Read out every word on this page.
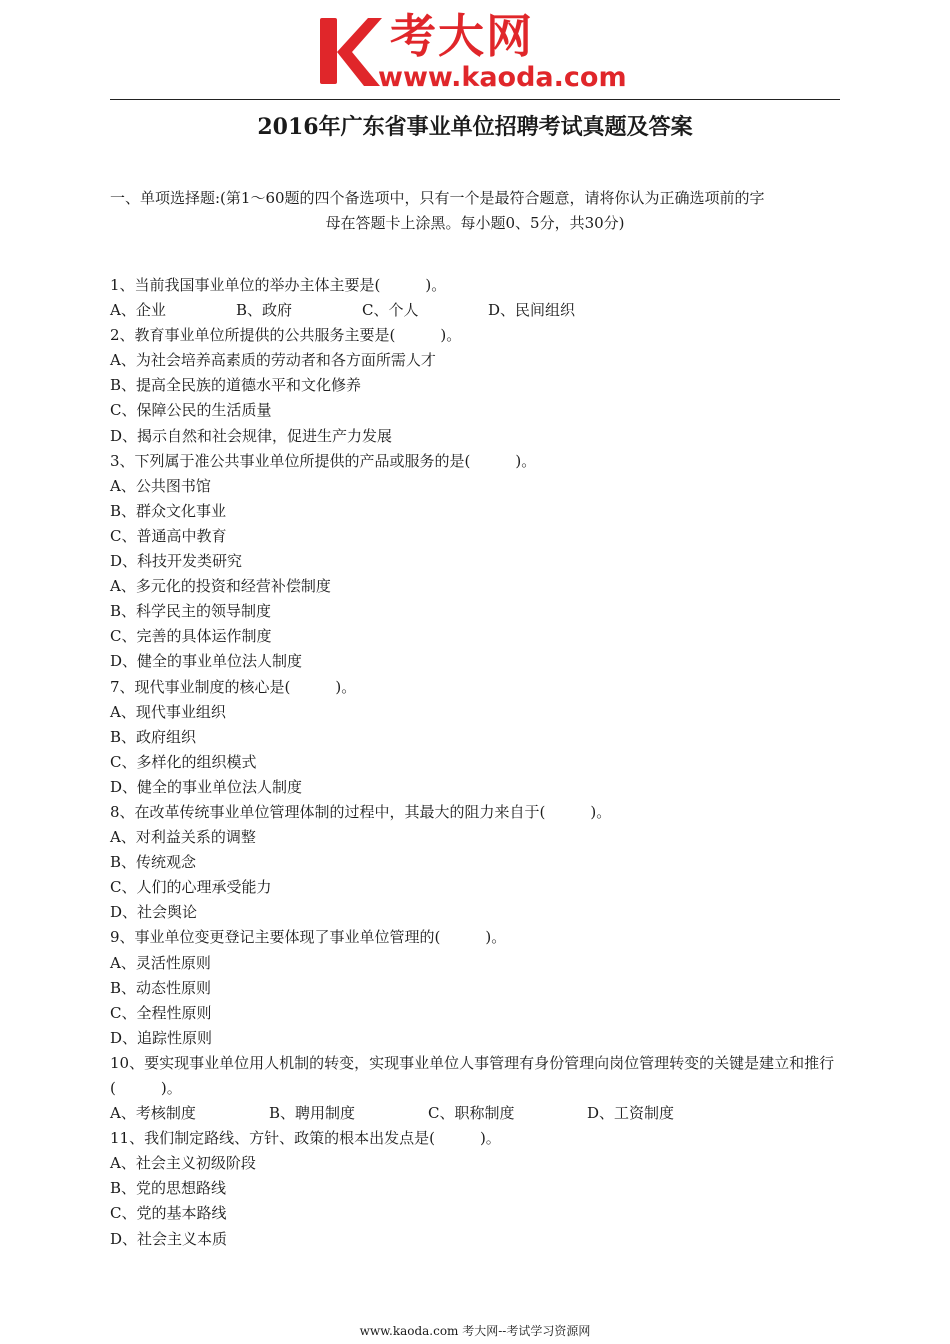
考大网
www.kaoda.com
2016年广东省事业单位招聘考试真题及答案
一、单项选择题:(第1～60题的四个备选项中，只有一个是最符合题意，请将你认为正确选项前的字
母在答题卡上涂黑。每小题0、5分，共30分)
1、当前我国事业单位的举办主体主要是(　　　)。
A、企业	B、政府	C、个人	D、民间组织
2、教育事业单位所提供的公共服务主要是(　　　)。
A、为社会培养高素质的劳动者和各方面所需人才
B、提高全民族的道德水平和文化修养
C、保障公民的生活质量
D、揭示自然和社会规律，促进生产力发展
3、下列属于准公共事业单位所提供的产品或服务的是(　　　)。
A、公共图书馆
B、群众文化事业
C、普通高中教育
D、科技开发类研究
A、多元化的投资和经营补偿制度
B、科学民主的领导制度
C、完善的具体运作制度
D、健全的事业单位法人制度
7、现代事业制度的核心是(　　　)。
A、现代事业组织
B、政府组织
C、多样化的组织模式
D、健全的事业单位法人制度
8、在改革传统事业单位管理体制的过程中，其最大的阻力来自于(　　　)。
A、对利益关系的调整
B、传统观念
C、人们的心理承受能力
D、社会舆论
9、事业单位变更登记主要体现了事业单位管理的(　　　)。
A、灵活性原则
B、动态性原则
C、全程性原则
D、追踪性原则
10、要实现事业单位用人机制的转变，实现事业单位人事管理有身份管理向岗位管理转变的关键是建立和推行(　　　)。
A、考核制度	B、聘用制度	C、职称制度	D、工资制度
11、我们制定路线、方针、政策的根本出发点是(　　　)。
A、社会主义初级阶段
B、党的思想路线
C、党的基本路线
D、社会主义本质
www.kaoda.com 考大网--考试学习资源网
